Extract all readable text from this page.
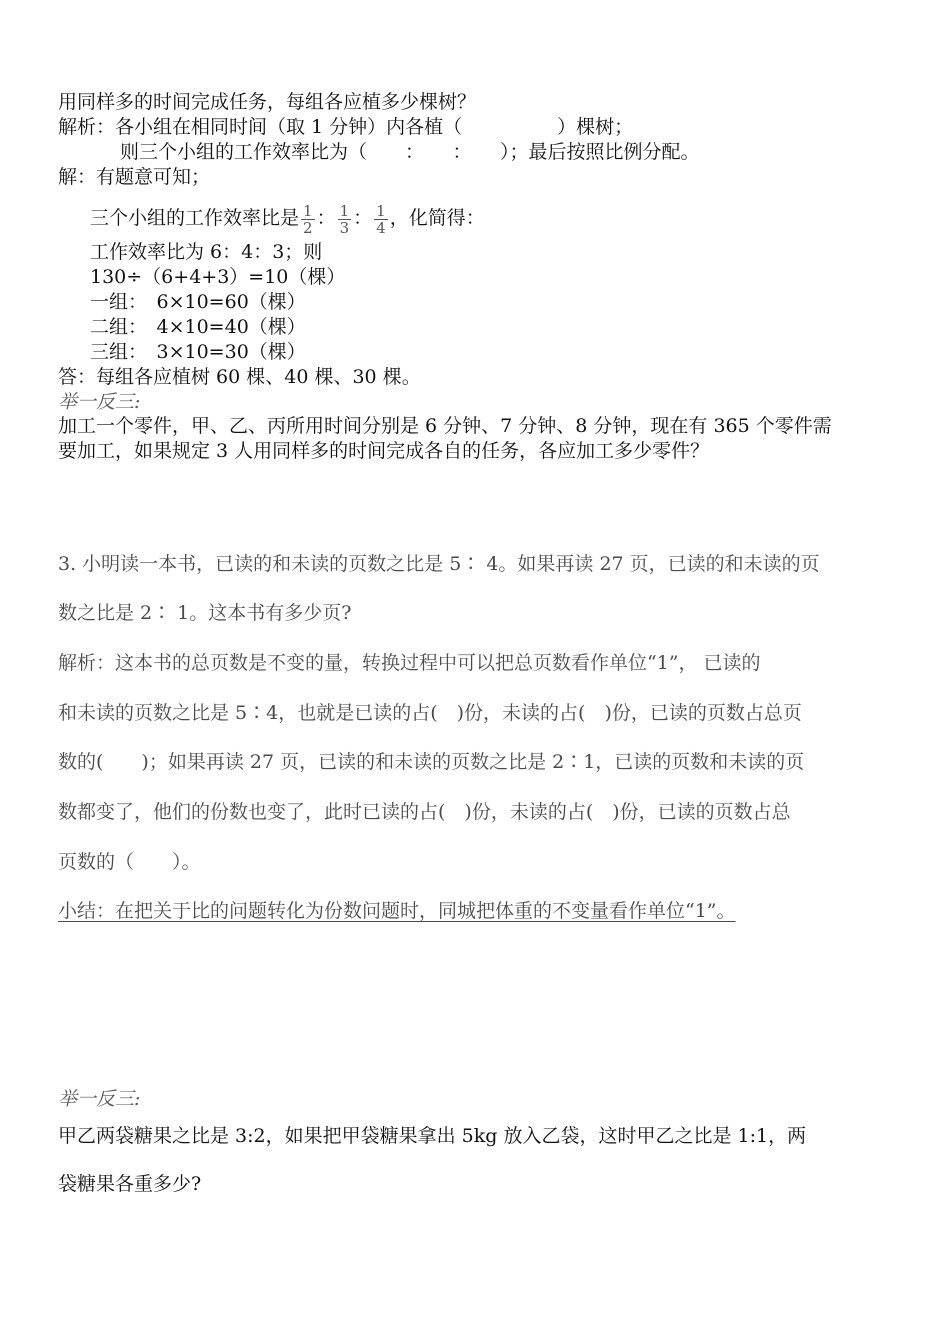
用同样多的时间完成任务，每组各应植多少棵树？
解析：各小组在相同时间（取 1 分钟）内各植（　　　　　）棵树；
则三个小组的工作效率比为（　　：　　：　　）；最后按照比例分配。
解：有题意可知；
三个小组的工作效率比是 $\frac{1}{2}$ ： $\frac{1}{3}$ ： $\frac{1}{4}$ ，化简得：
工作效率比为 6：4：3；则
130÷（6+4+3）=10（棵）
一组：　6×10=60（棵）
二组：　4×10=40（棵）
三组：　3×10=30（棵）
答：每组各应植树 60 棵、40 棵、30 棵。
举一反三:
加工一个零件，甲、乙、丙所用时间分别是 6 分钟、7 分钟、8 分钟，现在有 365 个零件需
要加工，如果规定 3 人用同样多的时间完成各自的任务，各应加工多少零件？
3. 小明读一本书，已读的和未读的页数之比是 5∶ 4。如果再读 27 页，已读的和未读的页
数之比是 2∶ 1。这本书有多少页?
解析：这本书的总页数是不变的量，转换过程中可以把总页数看作单位“1”， 已读的
和未读的页数之比是 5∶4，也就是已读的占(　)份，未读的占(　)份，已读的页数占总页
数的(　　)；如果再读 27 页，已读的和未读的页数之比是 2∶1，已读的页数和未读的页
数都变了，他们的份数也变了，此时已读的占(　)份，未读的占(　)份，已读的页数占总
页数的（　　）。
小结：在把关于比的问题转化为份数问题时，同城把体重的不变量看作单位“1”。
举一反三:
甲乙两袋糖果之比是 3:2，如果把甲袋糖果拿出 5kg 放入乙袋，这时甲乙之比是 1:1，两
袋糖果各重多少?
